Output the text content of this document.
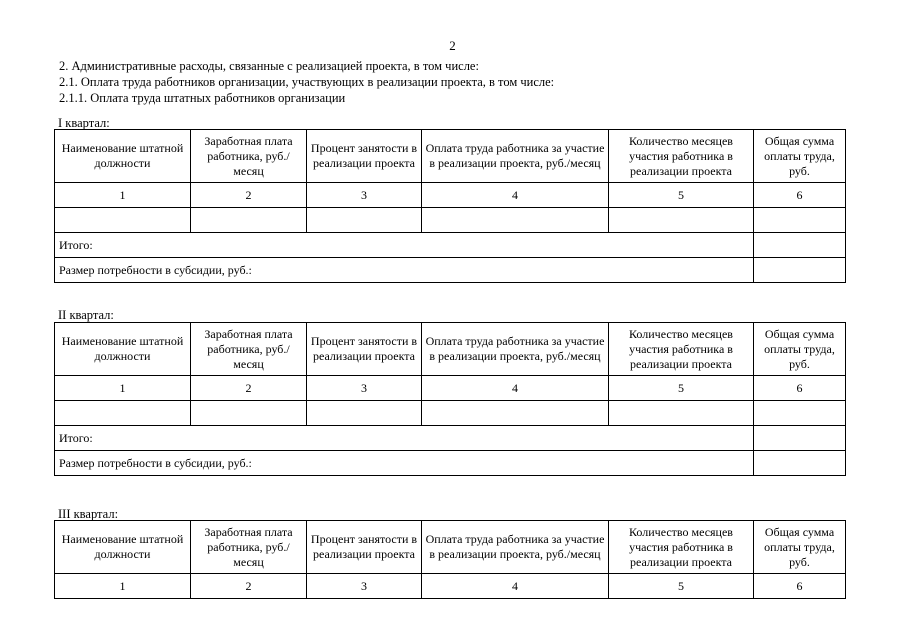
2
2. Административные расходы, связанные с реализацией проекта, в том числе:
2.1. Оплата труда работников организации, участвующих в реализации проекта, в том числе:
2.1.1. Оплата труда штатных работников организации
I квартал:
Наименование штатной должности	Заработная плата работника, руб./месяц	Процент занятости в реализации проекта	Оплата труда работника за участие в реализации проекта, руб./месяц	Количество месяцев участия работника в реализации проекта	Общая сумма оплаты труда, руб.
1	2	3	4	5	6

Итого:					
Размер потребности в субсидии, руб.:					
II квартал:
Наименование штатной должности	Заработная плата работника, руб./месяц	Процент занятости в реализации проекта	Оплата труда работника за участие в реализации проекта, руб./месяц	Количество месяцев участия работника в реализации проекта	Общая сумма оплаты труда, руб.
1	2	3	4	5	6

Итого:					
Размер потребности в субсидии, руб.:					
III квартал:
Наименование штатной должности	Заработная плата работника, руб./месяц	Процент занятости в реализации проекта	Оплата труда работника за участие в реализации проекта, руб./месяц	Количество месяцев участия работника в реализации проекта	Общая сумма оплаты труда, руб.
1	2	3	4	5	6
